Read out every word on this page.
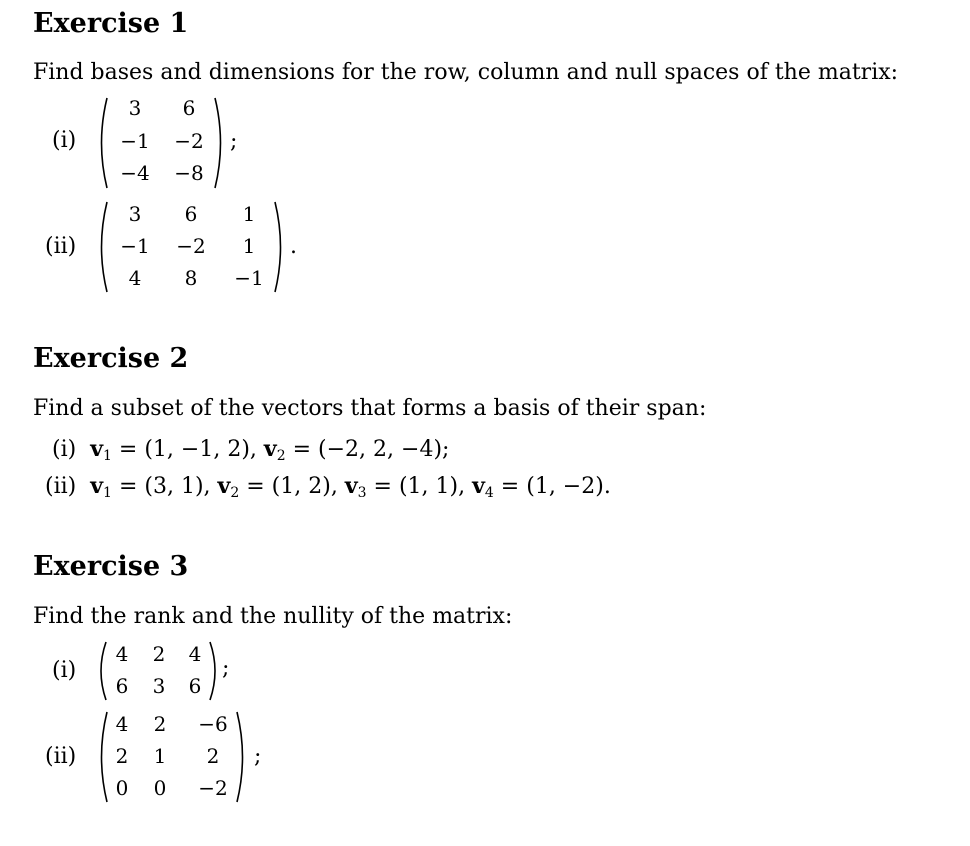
Exercise 1
Find bases and dimensions for the row, column and null spaces of the matrix:
(i)
3	6
−1	−2
−4	−8
;
(ii)
3	6	1
−1	−2	1
4	8	−1
.
Exercise 2
Find a subset of the vectors that forms a basis of their span:
(i) $v_1 = (1$, −1, 2), $v_2 = (-2$, 2, −4);
(ii) $v_1 = (3$, 1), $v_2 = (1$, 2), $v_3 = (1$, 1), $v_4 = (1$, −2).
Exercise 3
Find the rank and the nullity of the matrix:
(i)
4	2	4
6	3	6
;
(ii)
4	2	−6
2	1	2
0	0	−2
;
